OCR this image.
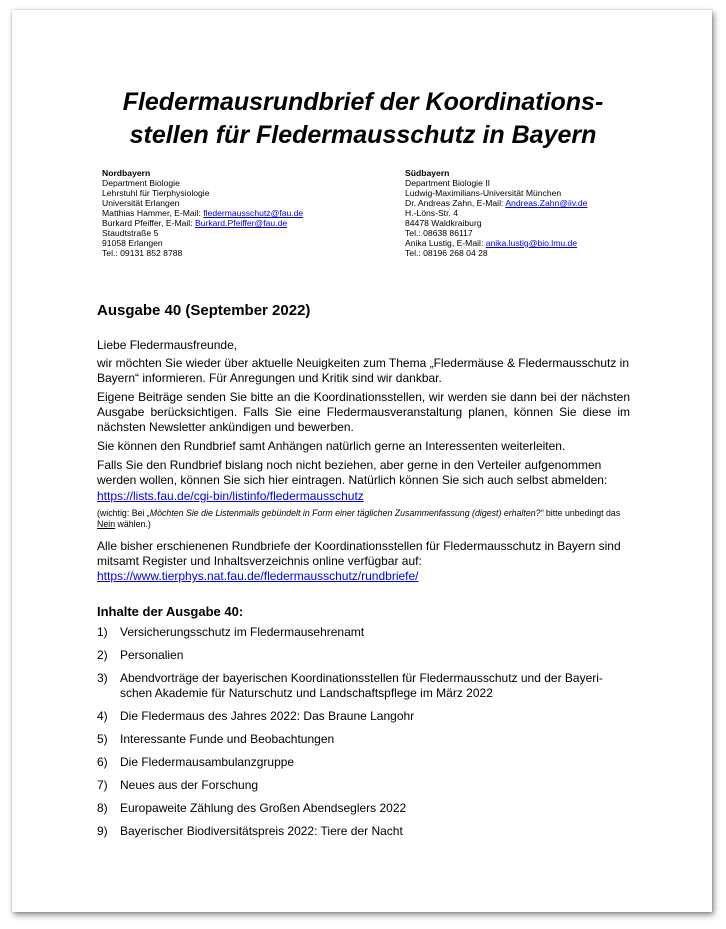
Fledermausrundbrief der Koordinations-
stellen für Fledermausschutz in Bayern
Nordbayern
Department Biologie
Lehrstuhl für Tierphysiologie
Universität Erlangen
Matthias Hammer, E-Mail: fledermausschutz@fau.de
Burkard Pfeiffer, E-Mail: Burkard.Pfeiffer@fau.de
Staudtstraße 5
91058 Erlangen
Tel.: 09131 852 8788
Südbayern
Department Biologie II
Ludwig-Maximilians-Universität München
Dr. Andreas Zahn, E-Mail: Andreas.Zahn@iiv.de
H.-Löns-Str. 4
84478 Waldkraiburg
Tel.: 08638 86117
Anika Lustig, E-Mail: anika.lustig@bio.lmu.de
Tel.: 08196 268 04 28
Ausgabe 40 (September 2022)

Liebe Fledermausfreunde,

wir möchten Sie wieder über aktuelle Neuigkeiten zum Thema „Fledermäuse & Fledermausschutz in Bayern“ informieren. Für Anregungen und Kritik sind wir dankbar.

Eigene Beiträge senden Sie bitte an die Koordinationsstellen, wir werden sie dann bei der nächsten Ausgabe berücksichtigen. Falls Sie eine Fledermausveranstaltung planen, können Sie diese im nächsten Newsletter ankündigen und bewerben.

Sie können den Rundbrief samt Anhängen natürlich gerne an Interessenten weiterleiten.

Falls Sie den Rundbrief bislang noch nicht beziehen, aber gerne in den Verteiler aufgenommen werden wollen, können Sie sich hier eintragen. Natürlich können Sie sich auch selbst abmelden:

https://lists.fau.de/cgi-bin/listinfo/fledermausschutz

(wichtig: Bei „Möchten Sie die Listenmails gebündelt in Form einer täglichen Zusammenfassung (digest) erhalten?“ bitte unbedingt das Nein wählen.)

Alle bisher erschienenen Rundbriefe der Koordinationsstellen für Fledermausschutz in Bayern sind mitsamt Register und Inhaltsverzeichnis online verfügbar auf:

https://www.tierphys.nat.fau.de/fledermausschutz/rundbriefe/

Inhalte der Ausgabe 40:
1)	Versicherungsschutz im Fledermausehrenamt
2)	Personalien
3)	Abendvorträge der bayerischen Koordinationsstellen für Fledermausschutz und der Bayeri-schen Akademie für Naturschutz und Landschaftspflege im März 2022
4)	Die Fledermaus des Jahres 2022: Das Braune Langohr
5)	Interessante Funde und Beobachtungen
6)	Die Fledermausambulanzgruppe
7)	Neues aus der Forschung
8)	Europaweite Zählung des Großen Abendseglers 2022
9)	Bayerischer Biodiversitätspreis 2022: Tiere der Nacht
